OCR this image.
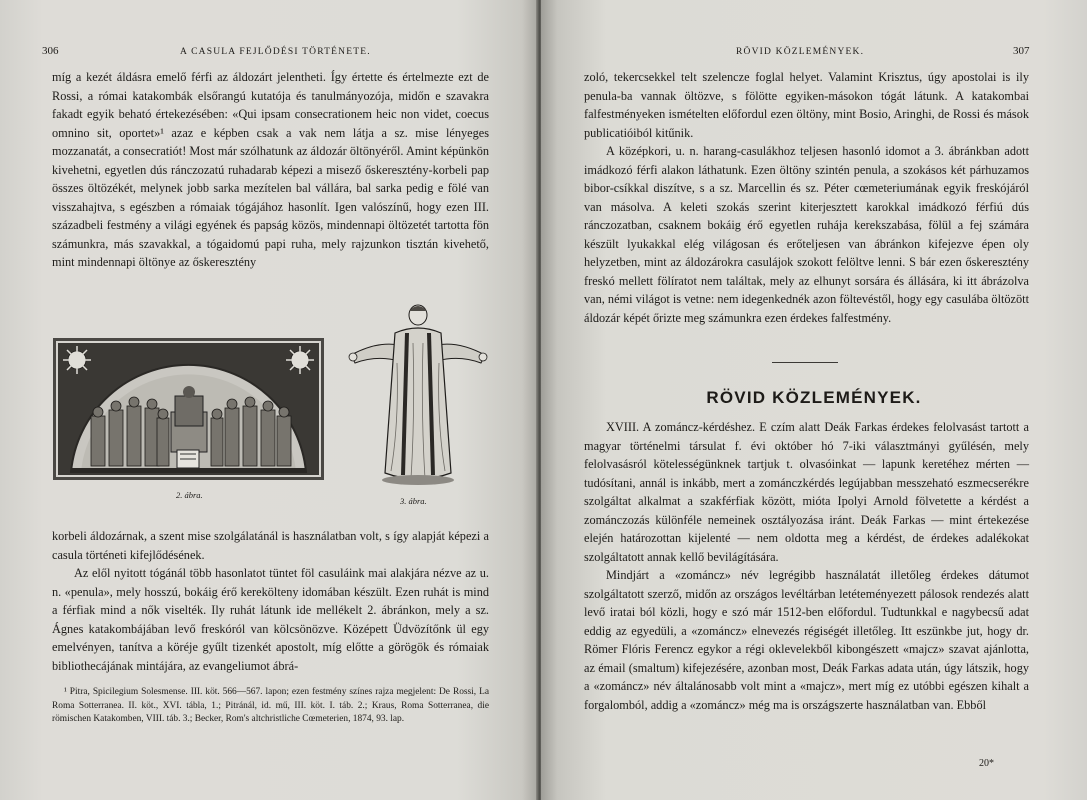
306	A CASULA FEJLŐDÉSI TÖRTÉNETE.

míg a kezét áldásra emelő férfi az áldozárt jelentheti. Így értette és értelmezte ezt de Rossi, a római katakombák elsőrangú kutatója és tanulmányozója, midőn e szavakra fakadt egyik beható értekezésében: «Qui ipsam consecrationem heic non videt, coecus omnino sit, oportet»¹ azaz e képben csak a vak nem látja a sz. mise lényeges mozzanatát, a consecratiót! Most már szólhatunk az áldozár öltönyéről. Amint képünkön kivehetni, egyetlen dús ránczozatú ruhadarab képezi a misező őskeresztény-korbeli pap összes öltözékét, melynek jobb sarka mezítelen bal vállára, bal sarka pedig e fölé van visszahajtva, s egészben a rómaiak tógájához hasonlít. Igen valószínű, hogy ezen III. századbeli festmény a világi egyének és papság közös, mindennapi öltözetét tartotta fön számunkra, más szavakkal, a tógaidomú papi ruha, mely rajzunkon tisztán kivehető, mint mindennapi öltönye az őskeresztény

2. ábra.
3. ábra.

korbeli áldozárnak, a szent mise szolgálatánál is használatban volt, s így alapját képezi a casula történeti kifejlődésének.

Az elől nyitott tógánál több hasonlatot tüntet föl casuláink mai alakjára nézve az u. n. «penula», mely hosszú, bokáig érő kerekölteny idomában készült. Ezen ruhát is mind a férfiak mind a nők viselték. Ily ruhát látunk ide mellékelt 2. ábránkon, mely a sz. Ágnes katakombájában levő freskóról van kölcsönözve. Középett Üdvözítőnk ül egy emelvényen, tanítva a köréje gyűlt tizenkét apostolt, míg előtte a görögök és rómaiak bibliothecájának mintájára, az evangeliumot ábrá-

¹ Pitra, Spicilegium Solesmense. III. köt. 566—567. lapon; ezen festmény színes rajza megjelent: De Rossi, La Roma Sotterranea. II. köt., XVI. tábla, 1.; Pitránál, id. mű, III. köt. I. táb. 2.; Kraus, Roma Sotterranea, die römischen Katakomben, VIII. táb. 3.; Becker, Rom's altchristliche Cœmeterien, 1874, 93. lap.

RÖVID KÖZLEMÉNYEK.	307

zoló, tekercsekkel telt szelencze foglal helyet. Valamint Krisztus, úgy apostolai is ily penula-ba vannak öltözve, s fölötte egyiken-másokon tógát látunk. A katakombai falfestményeken ismételten előfordul ezen öltöny, mint Bosio, Aringhi, de Rossi és mások publicatióiból kitűnik.

A középkori, u. n. harang-casulákhoz teljesen hasonló idomot a 3. ábránkban adott imádkozó férfi alakon láthatunk. Ezen öltöny szintén penula, a szokásos két párhuzamos bibor-csíkkal diszítve, s a sz. Marcellin és sz. Péter cœmeteriumának egyik freskójáról van másolva. A keleti szokás szerint kiterjesztett karokkal imádkozó férfiú dús ránczozatban, csaknem bokáig érő egyetlen ruhája kerekszabása, fölül a fej számára készült lyukakkal elég világosan és erőteljesen van ábránkon kifejezve épen oly helyzetben, mint az áldozárokra casulájok szokott felöltve lenni. S bár ezen őskeresztény freskó mellett fölíratot nem találtak, mely az elhunyt sorsára és állására, ki itt ábrázolva van, némi világot is vetne: nem idegenkednék azon föltevéstől, hogy egy casulába öltözött áldozár képét őrizte meg számunkra ezen érdekes falfestmény.

RÖVID KÖZLEMÉNYEK.

XVIII. A zománcz-kérdéshez. E czím alatt Deák Farkas érdekes felolvasást tartott a magyar történelmi társulat f. évi október hó 7-iki választmányi gyűlésén, mely felolvasásról kötelességünknek tartjuk t. olvasóinkat — lapunk keretéhez mérten — tudósítani, annál is inkább, mert a zománczkérdés legújabban messzeható eszmecserékre szolgáltat alkalmat a szakférfiak között, mióta Ipolyi Arnold fölvetette a kérdést a zománczozás különféle nemeinek osztályozása iránt. Deák Farkas — mint értekezése elején határozottan kijelenté — nem oldotta meg a kérdést, de érdekes adalékokat szolgáltatott annak kellő bevilágítására.

Mindjárt a «zománcz» név legrégibb használatát illetőleg érdekes dátumot szolgáltatott szerző, midőn az országos levéltárban letéteményezett pálosok rendezés alatt levő iratai ból közli, hogy e szó már 1512-ben előfordul. Tudtunkkal e nagybecsű adat eddig az egyedüli, a «zománcz» elnevezés régiségét illetőleg. Itt eszünkbe jut, hogy dr. Römer Flóris Ferencz egykor a régi oklevelekből kibongészett «majcz» szavat ajánlotta, az émail (smaltum) kifejezésére, azonban most, Deák Farkas adata után, úgy látszik, hogy a «zománcz» név általánosabb volt mint a «majcz», mert míg ez utóbbi egészen kihalt a forgalomból, addig a «zománcz» még ma is országszerte használatban van. Ebből

20*
